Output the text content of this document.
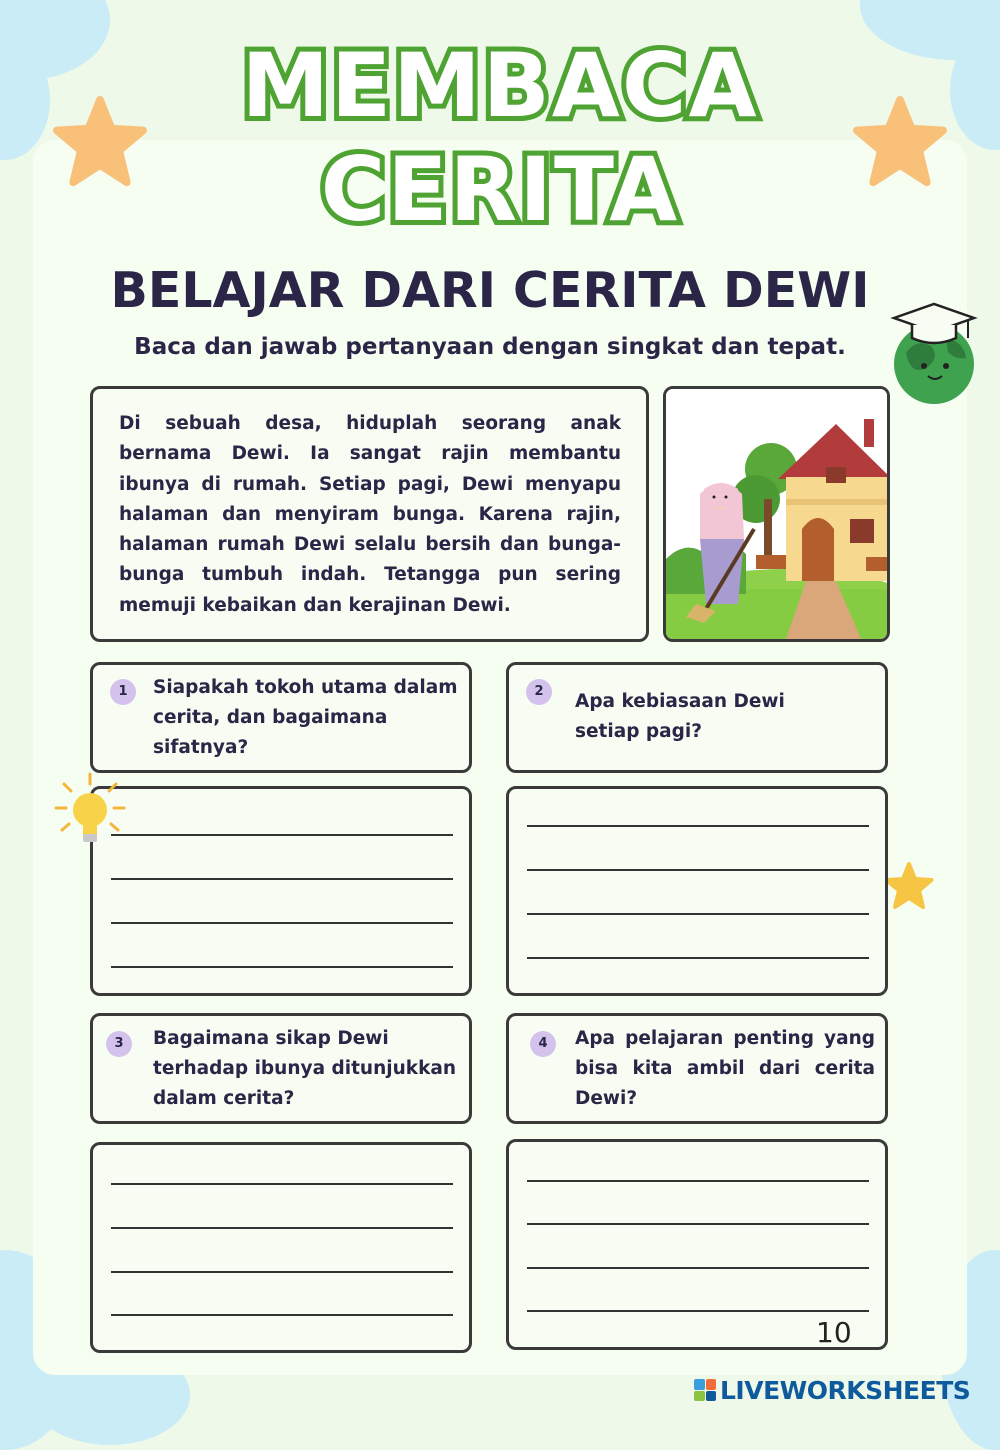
MEMBACA
CERITA
BELAJAR DARI CERITA DEWI
Baca dan jawab pertanyaan dengan singkat dan tepat.
Di sebuah desa, hiduplah seorang anak bernama Dewi. Ia sangat rajin membantu ibunya di rumah. Setiap pagi, Dewi menyapu halaman dan menyiram bunga. Karena rajin, halaman rumah Dewi selalu bersih dan bunga-bunga tumbuh indah. Tetangga pun sering memuji kebaikan dan kerajinan Dewi.
1	Siapakah tokoh utama dalam cerita, dan bagaimana sifatnya?
2	Apa kebiasaan Dewi setiap pagi?
3	Bagaimana sikap Dewi terhadap ibunya ditunjukkan dalam cerita?
4	Apa pelajaran penting yang bisa kita ambil dari cerita Dewi?
10
LIVEWORKSHEETS
